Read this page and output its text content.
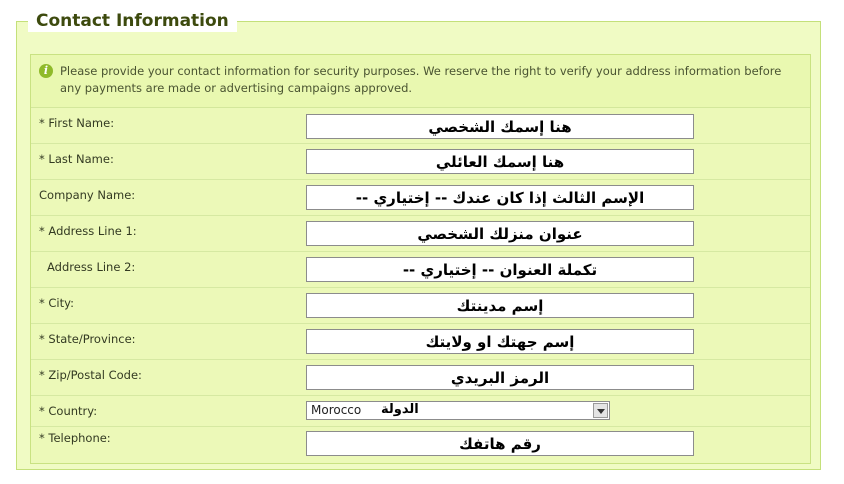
Contact Information
i	Please provide your contact information for security purposes. We reserve the right to verify your address information before any payments are made or advertising campaigns approved.
* First Name:
هنا إسمك الشخصي
* Last Name:
هنا إسمك العائلي
Company Name:
الإسم الثالث إذا كان عندك -- إختياري --
* Address Line 1:
عنوان منزلك الشخصي
Address Line 2:
تكملة العنوان -- إختياري --
* City:
إسم مدينتك
* State/Province:
إسم جهتك او ولايتك
* Zip/Postal Code:
الرمز البريدي
* Country:	Morocco الدولة
* Telephone:
رقم هاتفك
